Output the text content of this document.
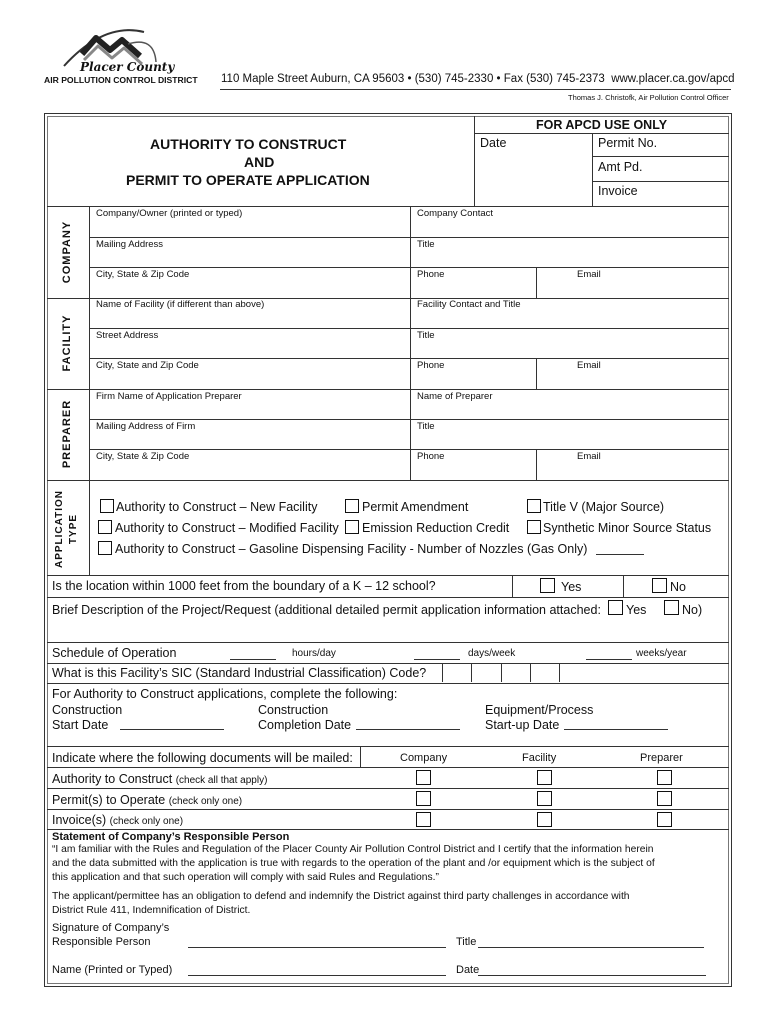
Placer County
AIR POLLUTION CONTROL DISTRICT 110 Maple Street Auburn, CA 95603 • (530) 745-2330 • Fax (530) 745-2373 www.placer.ca.gov/apcd
Thomas J. Christofk, Air Pollution Control Officer
AUTHORITY TO CONSTRUCT
AND
PERMIT TO OPERATE APPLICATION
FOR APCD USE ONLY
Date	Permit No.
Amt Pd.
Invoice
COMPANY
Company/Owner (printed or typed)	Company Contact
Mailing Address	Title
City, State & Zip Code	Phone	Email
FACILITY
Name of Facility (if different than above)	Facility Contact and Title
Street Address	Title
City, State and Zip Code	Phone	Email
PREPARER
Firm Name of Application Preparer	Name of Preparer
Mailing Address of Firm	Title
City, State & Zip Code	Phone	Email
APPLICATION TYPE
Authority to Construct – New Facility	Permit Amendment	Title V (Major Source)
Authority to Construct – Modified Facility Emission Reduction Credit	Synthetic Minor Source Status
Authority to Construct – Gasoline Dispensing Facility - Number of Nozzles (Gas Only)
Is the location within 1000 feet from the boundary of a K – 12 school?	Yes	No
Brief Description of the Project/Request (additional detailed permit application information attached: Yes	No)
Schedule of Operation	hours/day	days/week	weeks/year
What is this Facility’s SIC (Standard Industrial Classification) Code?
For Authority to Construct applications, complete the following:
Construction
Start Date
Construction
Completion Date
Equipment/Process
Start-up Date
Indicate where the following documents will be mailed:	Company	Facility	Preparer
Authority to Construct (check all that apply)
Permit(s) to Operate (check only one)
Invoice(s) (check only one)
Statement of Company’s Responsible Person
“I am familiar with the Rules and Regulation of the Placer County Air Pollution Control District and I certify that the information herein
and the data submitted with the application is true with regards to the operation of the plant and /or equipment which is the subject of
this application and that such operation will comply with said Rules and Regulations.”
The applicant/permittee has an obligation to defend and indemnify the District against third party challenges in accordance with
District Rule 411, Indemnification of District.
Signature of Company’s
Responsible Person	Title
Name (Printed or Typed)	Date
